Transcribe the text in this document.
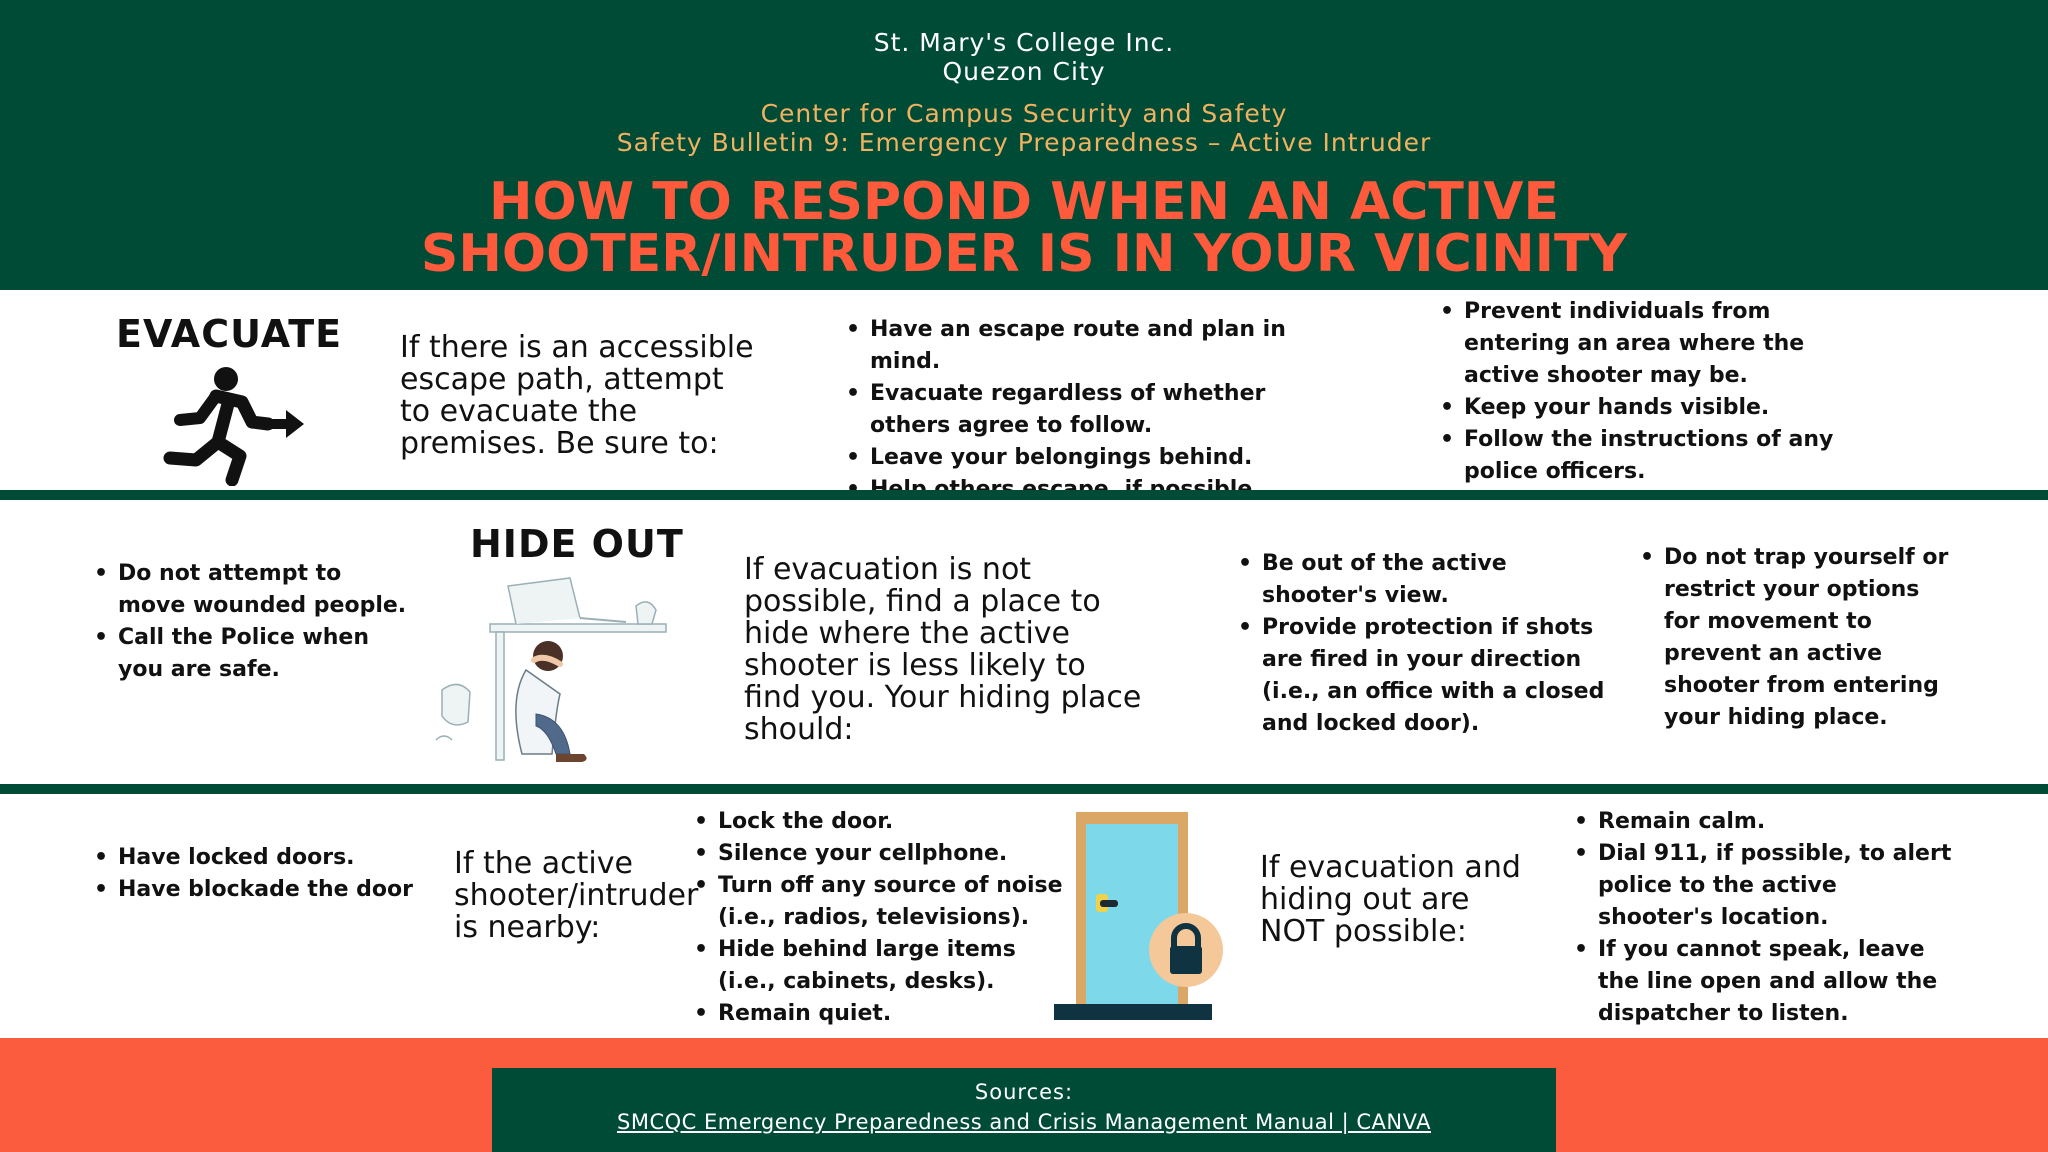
St. Mary's College Inc.
Quezon City
Center for Campus Security and Safety
Safety Bulletin 9: Emergency Preparedness – Active Intruder
HOW TO RESPOND WHEN AN ACTIVE
SHOOTER/INTRUDER IS IN YOUR VICINITY
EVACUATE If there is an accessible escape path, attempt to evacuate the premises. Be sure to:
• Have an escape route and plan in mind.
• Evacuate regardless of whether others agree to follow.
• Leave your belongings behind.
•
• Prevent individuals from entering an area where the active shooter may be.
• Keep your hands visible.
• Follow the instructions of any police officers.
• Do not attempt to move wounded people.
• Call the Police when you are safe.
HIDE OUT
If evacuation is not possible, find a place to hide where the active shooter is less likely to find you. Your hiding place should:
• Be out of the active shooter's view.
• Provide protection if shots are fired in your direction (i.e., an office with a closed and locked door).
• Do not trap yourself or restrict your options for movement to prevent an active shooter from entering your hiding place.
• Have locked doors.
• Have blockade the door
If the active shooter/intruder is nearby:
• Lock the door.
• Silence your cellphone.
• Turn off any source of noise (i.e., radios, televisions).
• Hide behind large items (i.e., cabinets, desks).
• Remain quiet.
If evacuation and hiding out are NOT possible:
• Remain calm.
• Dial 911, if possible, to alert police to the active shooter's location.
• If you cannot speak, leave the line open and allow the dispatcher to listen.
Sources:
SMCQC Emergency Preparedness and Crisis Management Manual | CANVA
